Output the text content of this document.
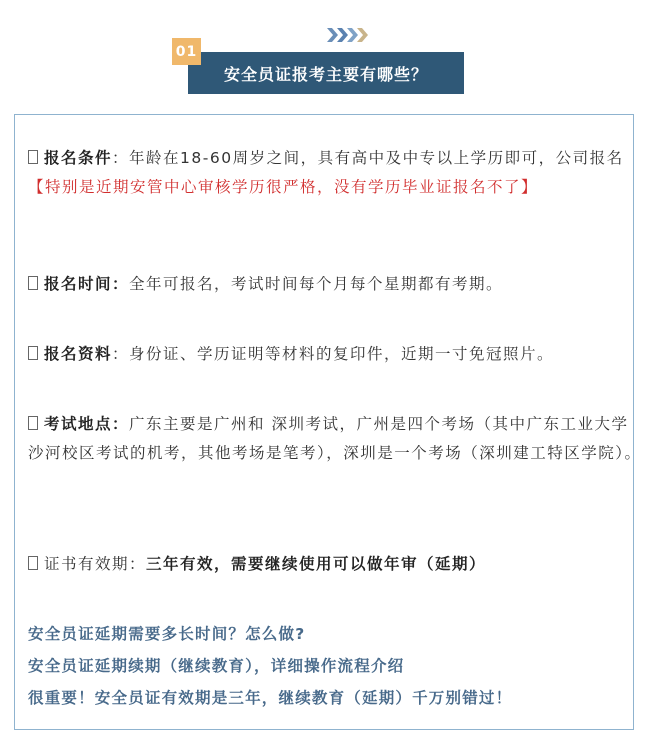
01
安全员证报考主要有哪些？
报名条件：年龄在18-60周岁之间，具有高中及中专以上学历即可，公司报名【特别是近期安管中心审核学历很严格，没有学历毕业证报名不了】
报名时间：全年可报名，考试时间每个月每个星期都有考期。
报名资料：身份证、学历证明等材料的复印件，近期一寸免冠照片。
考试地点：广东主要是广州和 深圳考试，广州是四个考场（其中广东工业大学沙河校区考试的机考，其他考场是笔考），深圳是一个考场（深圳建工特区学院）。
证书有效期：三年有效，需要继续使用可以做年审（延期）
安全员证延期需要多长时间？怎么做?
安全员证延期续期（继续教育），详细操作流程介绍
很重要！安全员证有效期是三年，继续教育（延期）千万别错过！
